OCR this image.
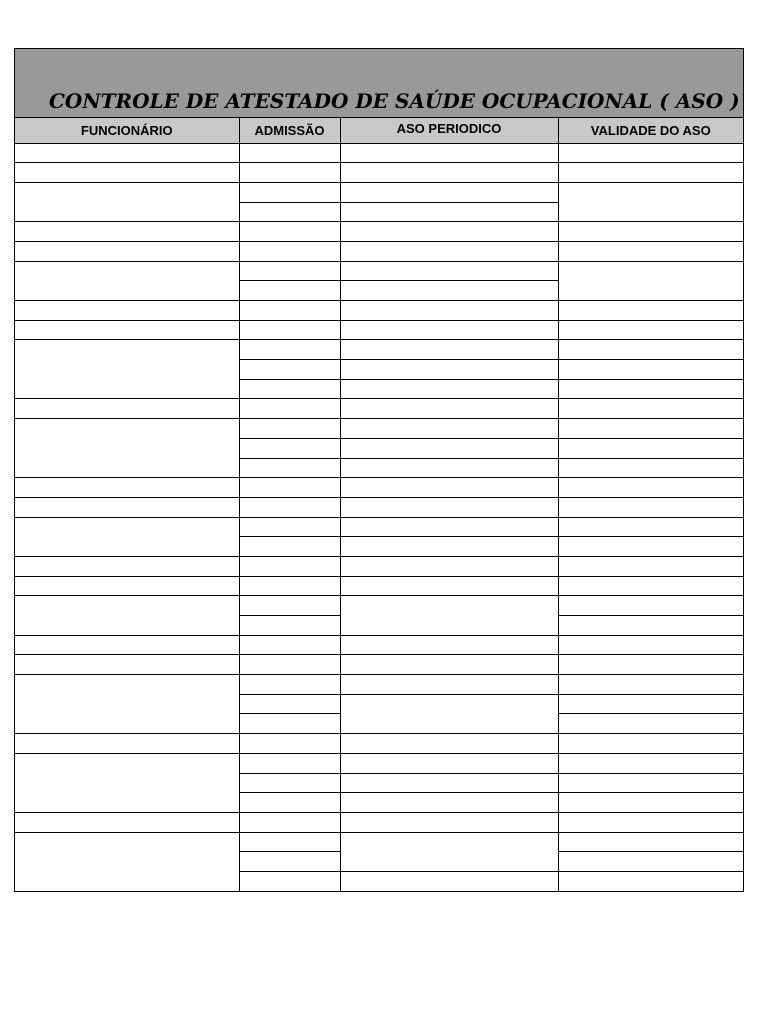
CONTROLE DE ATESTADO DE SAÚDE OCUPACIONAL ( ASO )
FUNCIONÁRIO	ADMISSÃO	ASO PERIODICO	VALIDADE DO ASO
